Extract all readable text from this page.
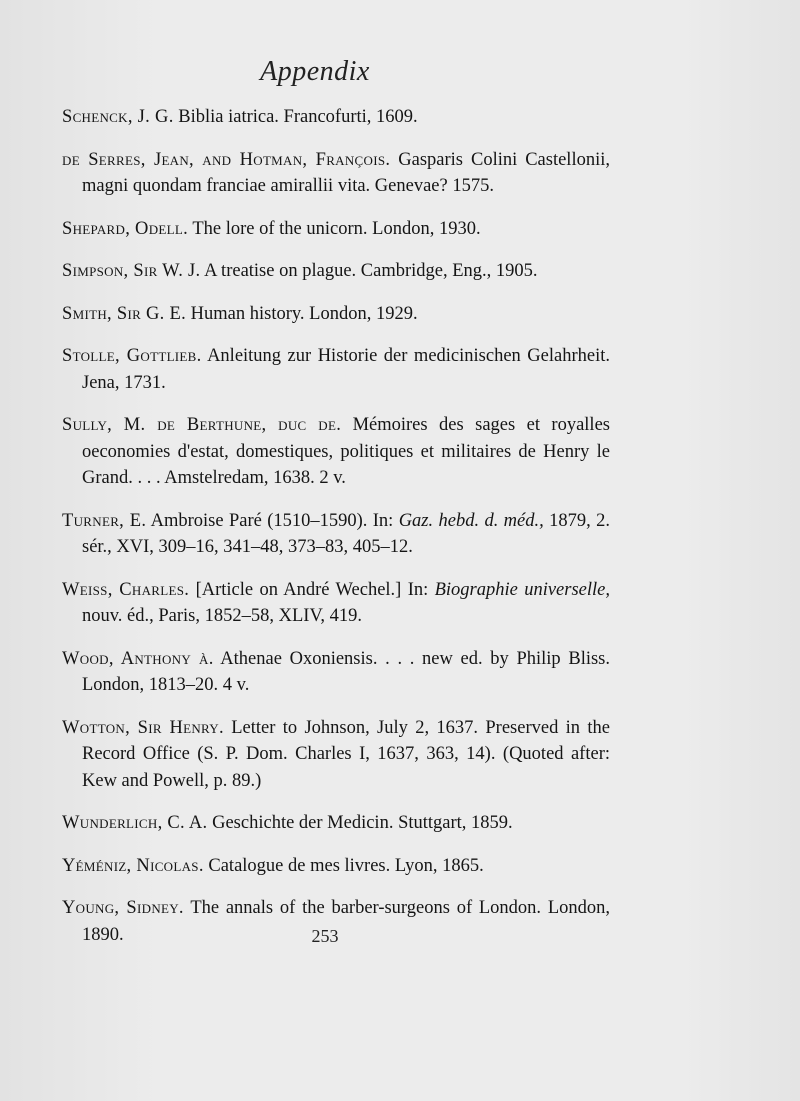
Appendix
Schenck, J. G. Biblia iatrica. Francofurti, 1609.
de Serres, Jean, and Hotman, François. Gasparis Colini Castellonii, magni quondam franciae amirallii vita. Genevae? 1575.
Shepard, Odell. The lore of the unicorn. London, 1930.
Simpson, Sir W. J. A treatise on plague. Cambridge, Eng., 1905.
Smith, Sir G. E. Human history. London, 1929.
Stolle, Gottlieb. Anleitung zur Historie der medicinischen Gelahrheit. Jena, 1731.
Sully, M. de Berthune, duc de. Mémoires des sages et royalles oeconomies d'estat, domestiques, politiques et militaires de Henry le Grand. . . . Amstelredam, 1638. 2 v.
Turner, E. Ambroise Paré (1510–1590). In: Gaz. hebd. d. méd., 1879, 2. sér., XVI, 309–16, 341–48, 373–83, 405–12.
Weiss, Charles. [Article on André Wechel.] In: Biographie universelle, nouv. éd., Paris, 1852–58, XLIV, 419.
Wood, Anthony à. Athenae Oxoniensis. . . . new ed. by Philip Bliss. London, 1813–20. 4 v.
Wotton, Sir Henry. Letter to Johnson, July 2, 1637. Preserved in the Record Office (S. P. Dom. Charles I, 1637, 363, 14). (Quoted after: Kew and Powell, p. 89.)
Wunderlich, C. A. Geschichte der Medicin. Stuttgart, 1859.
Yéméniz, Nicolas. Catalogue de mes livres. Lyon, 1865.
Young, Sidney. The annals of the barber-surgeons of London. London, 1890.	253
